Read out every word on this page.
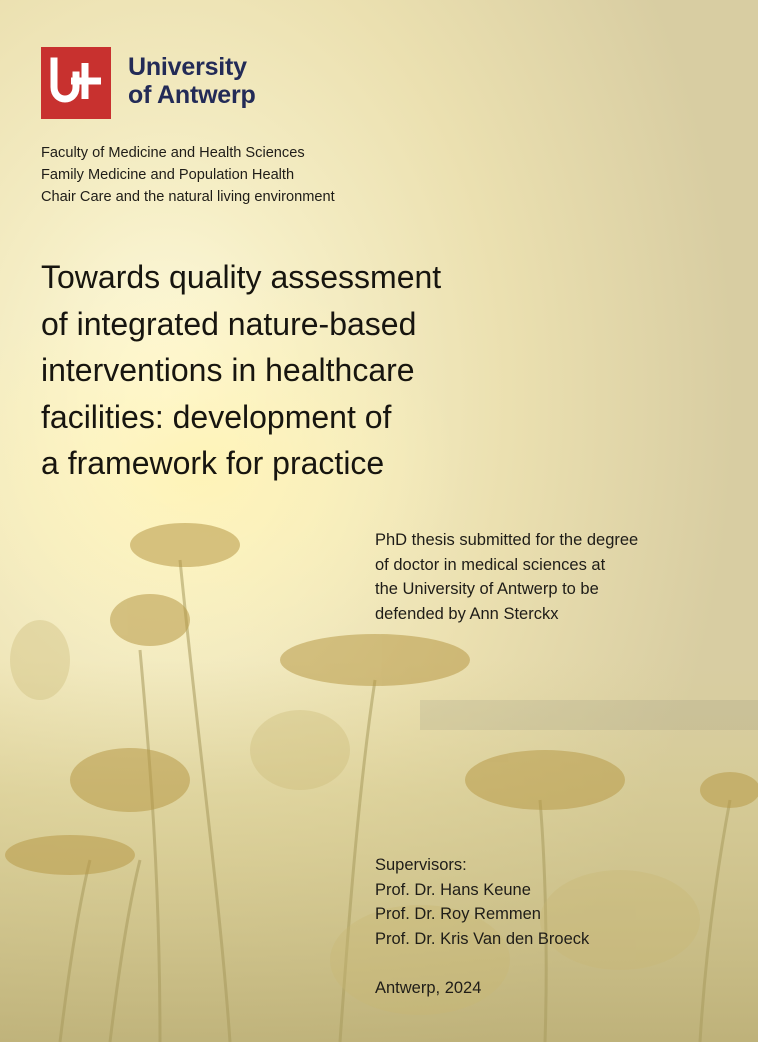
University
of Antwerp
Faculty of Medicine and Health Sciences
Family Medicine and Population Health
Chair Care and the natural living environment
Towards quality assessment
of integrated nature-based
interventions in healthcare
facilities: development of
a framework for practice
PhD thesis submitted for the degree
of doctor in medical sciences at
the University of Antwerp to be
defended by Ann Sterckx
Supervisors:
Prof. Dr. Hans Keune
Prof. Dr. Roy Remmen
Prof. Dr. Kris Van den Broeck
Antwerp, 2024
